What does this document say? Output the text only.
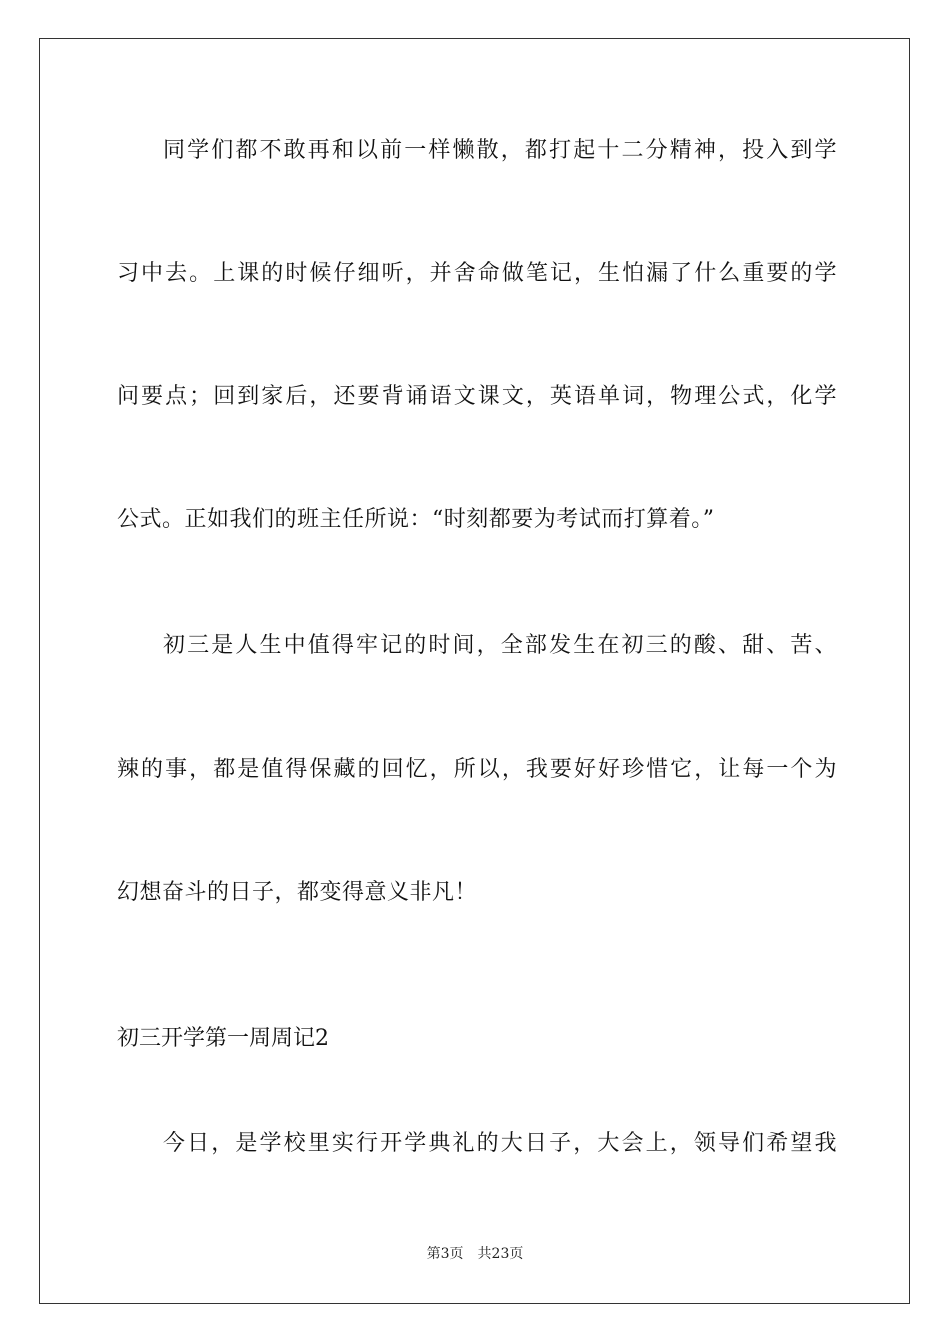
同学们都不敢再和以前一样懒散，都打起十二分精神，投入到学
习中去。上课的时候仔细听，并舍命做笔记，生怕漏了什么重要的学
问要点；回到家后，还要背诵语文课文，英语单词，物理公式，化学
公式。正如我们的班主任所说：“时刻都要为考试而打算着。”
初三是人生中值得牢记的时间，全部发生在初三的酸、甜、苦、
辣的事，都是值得保藏的回忆，所以，我要好好珍惜它，让每一个为
幻想奋斗的日子，都变得意义非凡！
初三开学第一周周记2
今日，是学校里实行开学典礼的大日子，大会上，领导们希望我
第3页 共23页
